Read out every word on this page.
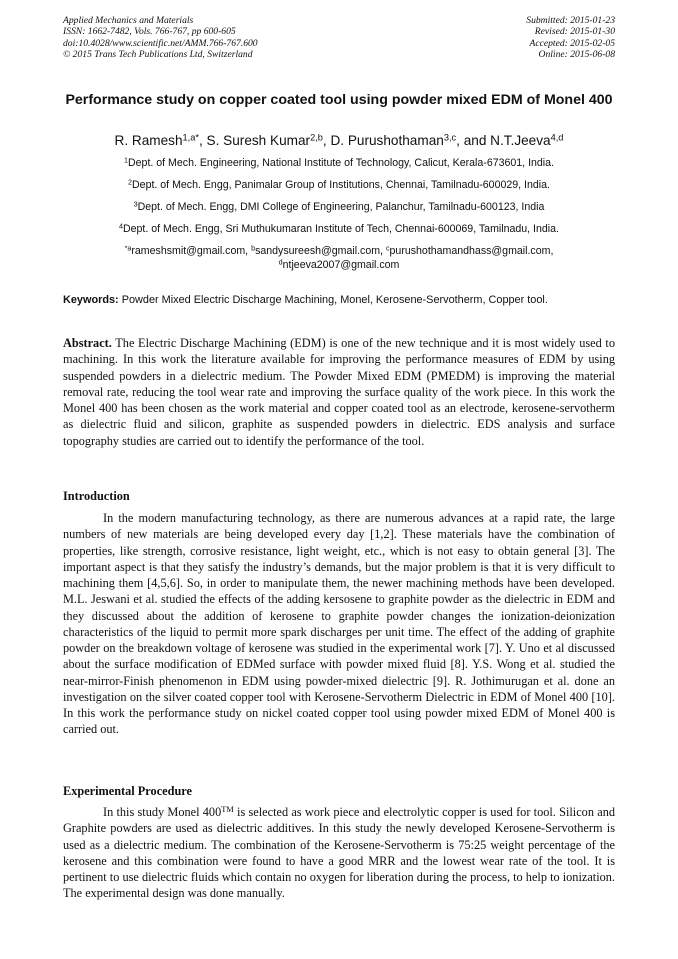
Applied Mechanics and Materials
ISSN: 1662-7482, Vols. 766-767, pp 600-605
doi:10.4028/www.scientific.net/AMM.766-767.600
© 2015 Trans Tech Publications Ltd, Switzerland
Submitted: 2015-01-23
Revised: 2015-01-30
Accepted: 2015-02-05
Online: 2015-06-08
Performance study on copper coated tool using powder mixed EDM of Monel 400
R. Ramesh$^{1,a*}$, S. Suresh Kumar$^{2,b}$, D. Purushothaman$^{3,c}$, and N.T.Jeeva$^{4,d}$
$^1$Dept. of Mech. Engineering, National Institute of Technology, Calicut, Kerala-673601, India.
$^2$Dept. of Mech. Engg, Panimalar Group of Institutions, Chennai, Tamilnadu-600029, India.
$^3$Dept. of Mech. Engg, DMI College of Engineering, Palanchur, Tamilnadu-600123, India
$^4$Dept. of Mech. Engg, Sri Muthukumaran Institute of Tech, Chennai-600069, Tamilnadu, India.
$^{*a}$rameshsmit@gmail.com, $^b$sandysureesh@gmail.com, $^c$purushothamandhass@gmail.com,
$^d$ntjeeva2007@gmail.com
Keywords: Powder Mixed Electric Discharge Machining, Monel, Kerosene-Servotherm, Copper tool.
Abstract. The Electric Discharge Machining (EDM) is one of the new technique and it is most widely used to machining. In this work the literature available for improving the performance measures of EDM by using suspended powders in a dielectric medium. The Powder Mixed EDM (PMEDM) is improving the material removal rate, reducing the tool wear rate and improving the surface quality of the work piece. In this work the Monel 400 has been chosen as the work material and copper coated tool as an electrode, kerosene-servotherm as dielectric fluid and silicon, graphite as suspended powders in dielectric. EDS analysis and surface topography studies are carried out to identify the performance of the tool.
Introduction
In the modern manufacturing technology, as there are numerous advances at a rapid rate, the large numbers of new materials are being developed every day [1,2]. These materials have the combination of properties, like strength, corrosive resistance, light weight, etc., which is not easy to obtain general [3]. The important aspect is that they satisfy the industry’s demands, but the major problem is that it is very difficult to machining them [4,5,6]. So, in order to manipulate them, the newer machining methods have been developed. M.L. Jeswani et al. studied the effects of the adding kersosene to graphite powder as the dielectric in EDM and they discussed about the addition of kerosene to graphite powder changes the ionization-deionization characteristics of the liquid to permit more spark discharges per unit time. The effect of the adding of graphite powder on the breakdown voltage of kerosene was studied in the experimental work [7]. Y. Uno et al discussed about the surface modification of EDMed surface with powder mixed fluid [8]. Y.S. Wong et al. studied the near-mirror-Finish phenomenon in EDM using powder-mixed dielectric [9]. R. Jothimurugan et al. done an investigation on the silver coated copper tool with Kerosene-Servotherm Dielectric in EDM of Monel 400 [10]. In this work the performance study on nickel coated copper tool using powder mixed EDM of Monel 400 is carried out.
Experimental Procedure
In this study Monel 400™ is selected as work piece and electrolytic copper is used for tool. Silicon and Graphite powders are used as dielectric additives. In this study the newly developed Kerosene-Servotherm is used as a dielectric medium. The combination of the Kerosene-Servotherm is 75:25 weight percentage of the kerosene and this combination were found to have a good MRR and the lowest wear rate of the tool. It is pertinent to use dielectric fluids which contain no oxygen for liberation during the process, to help to ionization. The experimental design was done manually.
